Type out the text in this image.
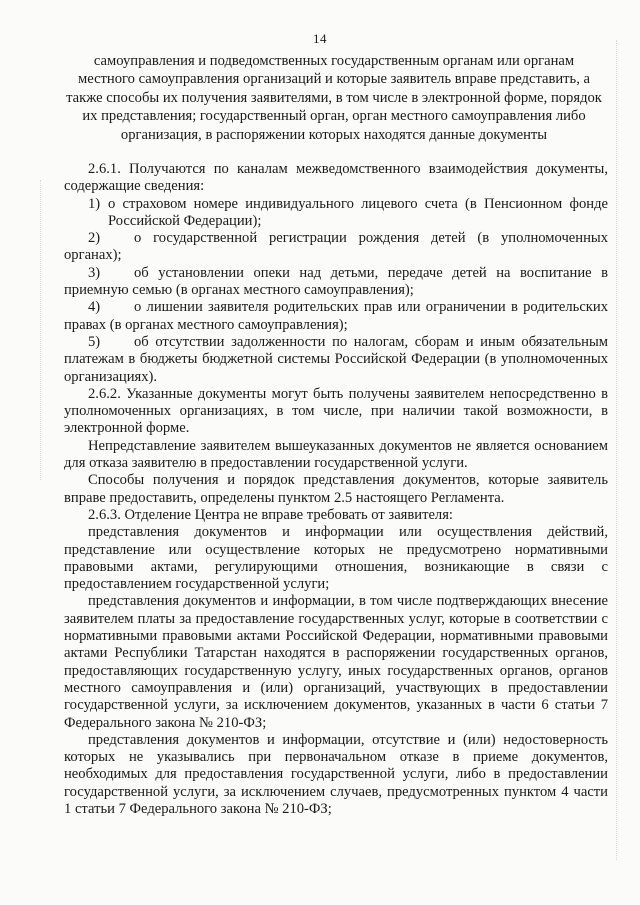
14
самоуправления и подведомственных государственным органам или органам местного самоуправления организаций и которые заявитель вправе представить, а также способы их получения заявителями, в том числе в электронной форме, порядок их представления; государственный орган, орган местного самоуправления либо организация, в распоряжении которых находятся данные документы

2.6.1. Получаются по каналам межведомственного взаимодействия документы, содержащие сведения:

1) о страховом номере индивидуального лицевого счета (в Пенсионном фонде Российской Федерации);

2) о государственной регистрации рождения детей (в уполномоченных органах);

3) об установлении опеки над детьми, передаче детей на воспитание в приемную семью (в органах местного самоуправления);

4) о лишении заявителя родительских прав или ограничении в родительских правах (в органах местного самоуправления);

5) об отсутствии задолженности по налогам, сборам и иным обязательным платежам в бюджеты бюджетной системы Российской Федерации (в уполномоченных организациях).

2.6.2. Указанные документы могут быть получены заявителем непосредственно в уполномоченных организациях, в том числе, при наличии такой возможности, в электронной форме.

Непредставление заявителем вышеуказанных документов не является основанием для отказа заявителю в предоставлении государственной услуги.

Способы получения и порядок представления документов, которые заявитель вправе предоставить, определены пунктом 2.5 настоящего Регламента.

2.6.3. Отделение Центра не вправе требовать от заявителя:

представления документов и информации или осуществления действий, представление или осуществление которых не предусмотрено нормативными правовыми актами, регулирующими отношения, возникающие в связи с предоставлением государственной услуги;

представления документов и информации, в том числе подтверждающих внесение заявителем платы за предоставление государственных услуг, которые в соответствии с нормативными правовыми актами Российской Федерации, нормативными правовыми актами Республики Татарстан находятся в распоряжении государственных органов, предоставляющих государственную услугу, иных государственных органов, органов местного самоуправления и (или) организаций, участвующих в предоставлении государственной услуги, за исключением документов, указанных в части 6 статьи 7 Федерального закона № 210-ФЗ;

представления документов и информации, отсутствие и (или) недостоверность которых не указывались при первоначальном отказе в приеме документов, необходимых для предоставления государственной услуги, либо в предоставлении государственной услуги, за исключением случаев, предусмотренных пунктом 4 части 1 статьи 7 Федерального закона № 210-ФЗ;
